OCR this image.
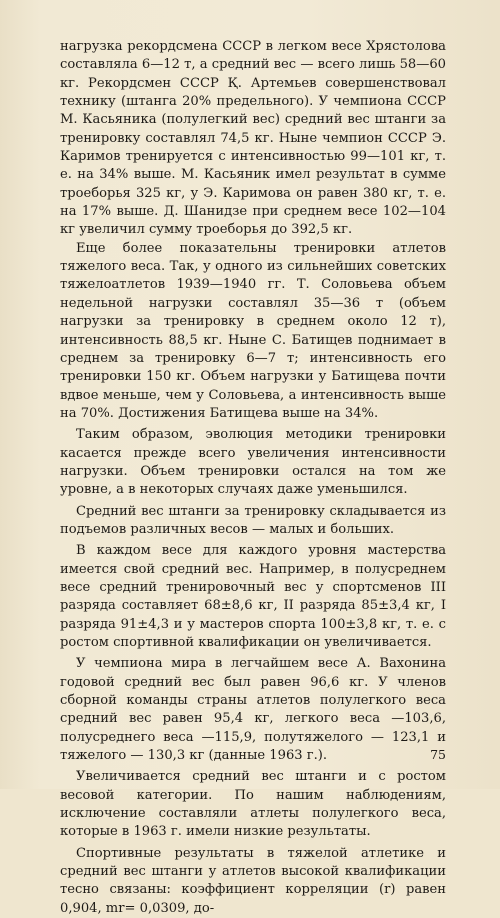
нагрузка рекордсмена СССР в легком весе Хрястолова составляла 6—12 т, а средний вес — всего лишь 58—60 кг. Рекордсмен СССР Қ. Артемьев совершенствовал технику (штанга 20% предельного). У чемпиона СССР М. Касьяника (полулегкий вес) средний вес штанги за тренировку составлял 74,5 кг. Ныне чемпион СССР Э. Каримов тренируется с интенсивностью 99—101 кг, т. е. на 34% выше. М. Касьяник имел результат в сумме троеборья 325 кг, у Э. Каримова он равен 380 кг, т. е. на 17% выше. Д. Шанидзе при среднем весе 102—104 кг увеличил сумму троеборья до 392,5 кг.

Еще более показательны тренировки атлетов тяжелого веса. Так, у одного из сильнейших советских тяжелоатлетов 1939—1940 гг. Т. Соловьева объем недельной нагрузки составлял 35—36 т (объем нагрузки за тренировку в среднем около 12 т), интенсивность 88,5 кг. Ныне С. Батищев поднимает в среднем за тренировку 6—7 т; интенсивность его тренировки 150 кг. Объем нагрузки у Батищева почти вдвое меньше, чем у Соловьева, а интенсивность выше на 70%. Достижения Батищева выше на 34%.

Таким образом, эволюция методики тренировки касается прежде всего увеличения интенсивности нагрузки. Объем тренировки остался на том же уровне, а в некоторых случаях даже уменьшился.

Средний вес штанги за тренировку складывается из подъемов различных весов — малых и больших.

В каждом весе для каждого уровня мастерства имеется свой средний вес. Например, в полусреднем весе средний тренировочный вес у спортсменов III разряда составляет 68±8,6 кг, II разряда 85±3,4 кг, I разряда 91±4,3 и у мастеров спорта 100±3,8 кг, т. е. с ростом спортивной квалификации он увеличивается.

У чемпиона мира в легчайшем весе А. Вахонина годовой средний вес был равен 96,6 кг. У членов сборной команды страны атлетов полулегкого веса средний вес равен 95,4 кг, легкого веса —103,6, полусреднего веса —115,9, полутяжелого — 123,1 и тяжелого — 130,3 кг (данные 1963 г.).

Увеличивается средний вес штанги и с ростом весовой категории. По нашим наблюдениям, исключение составляли атлеты полулегкого веса, которые в 1963 г. имели низкие результаты.

Спортивные результаты в тяжелой атлетике и средний вес штанги у атлетов высокой квалификации тесно связаны: коэффициент корреляции (r) равен 0,904, mr= 0,0309, до-

75
